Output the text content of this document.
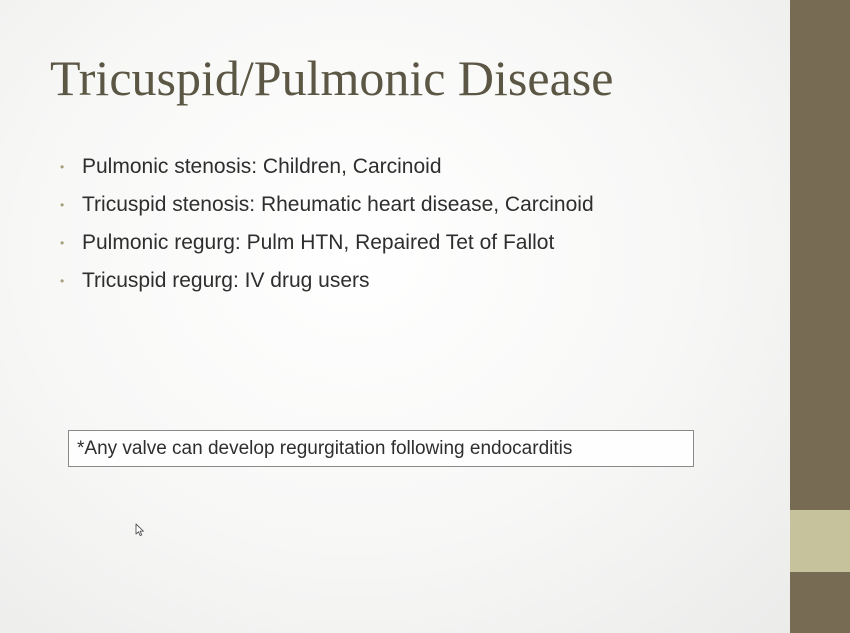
Tricuspid/Pulmonic Disease
• Pulmonic stenosis: Children, Carcinoid
• Tricuspid stenosis: Rheumatic heart disease, Carcinoid
• Pulmonic regurg: Pulm HTN, Repaired Tet of Fallot
• Tricuspid regurg: IV drug users
*Any valve can develop regurgitation following endocarditis
